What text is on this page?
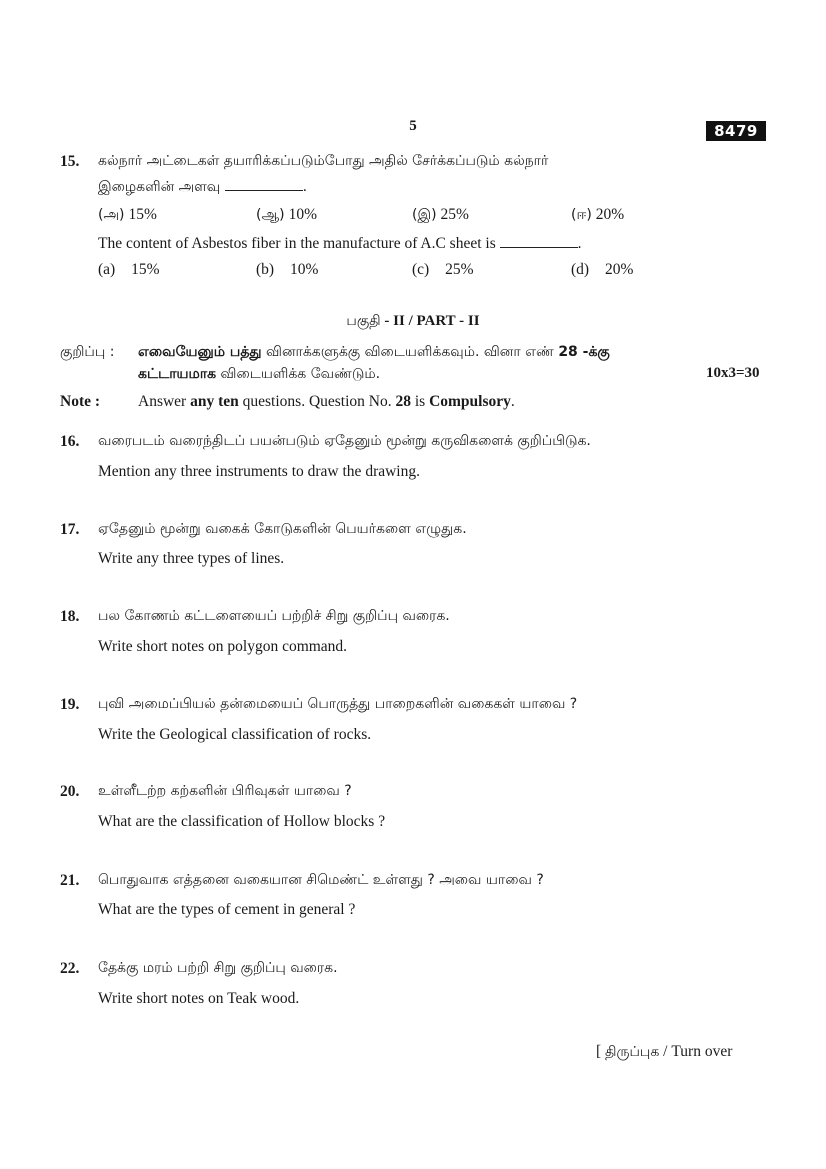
5	8479
15. கல்நார் அட்டைகள் தயாரிக்கப்படும்போது அதில் சேர்க்கப்படும் கல்நார்
இழைகளின் அளவு	.
(அ) 15%	(ஆ) 10%	(இ) 25%	(ஈ) 20%
The content of Asbestos fiber in the manufacture of A.C sheet is	.
(a) 15%	(b) 10%	(c) 25%	(d) 20%
பகுதி - II / PART - II
குறிப்பு : எவையேனும் பத்து வினாக்களுக்கு விடையளிக்கவும். வினா எண் 28 -க்கு
கட்டாயமாக விடையளிக்க வேண்டும்.	10x3=30
Note : Answer any ten questions. Question No. 28 is Compulsory.
16. வரைபடம் வரைந்திடப் பயன்படும் ஏதேனும் மூன்று கருவிகளைக் குறிப்பிடுக.
Mention any three instruments to draw the drawing.
17. ஏதேனும் மூன்று வகைக் கோடுகளின் பெயர்களை எழுதுக.
Write any three types of lines.
18. பல கோணம் கட்டளையைப் பற்றிச் சிறு குறிப்பு வரைக.
Write short notes on polygon command.
19. புவி அமைப்பியல் தன்மையைப் பொருத்து பாறைகளின் வகைகள் யாவை ?
Write the Geological classification of rocks.
20. உள்ளீடற்ற கற்களின் பிரிவுகள் யாவை ?
What are the classification of Hollow blocks ?
21. பொதுவாக எத்தனை வகையான சிமெண்ட் உள்ளது ? அவை யாவை ?
What are the types of cement in general ?
22. தேக்கு மரம் பற்றி சிறு குறிப்பு வரைக.
Write short notes on Teak wood.
[ திருப்புக / Turn over
